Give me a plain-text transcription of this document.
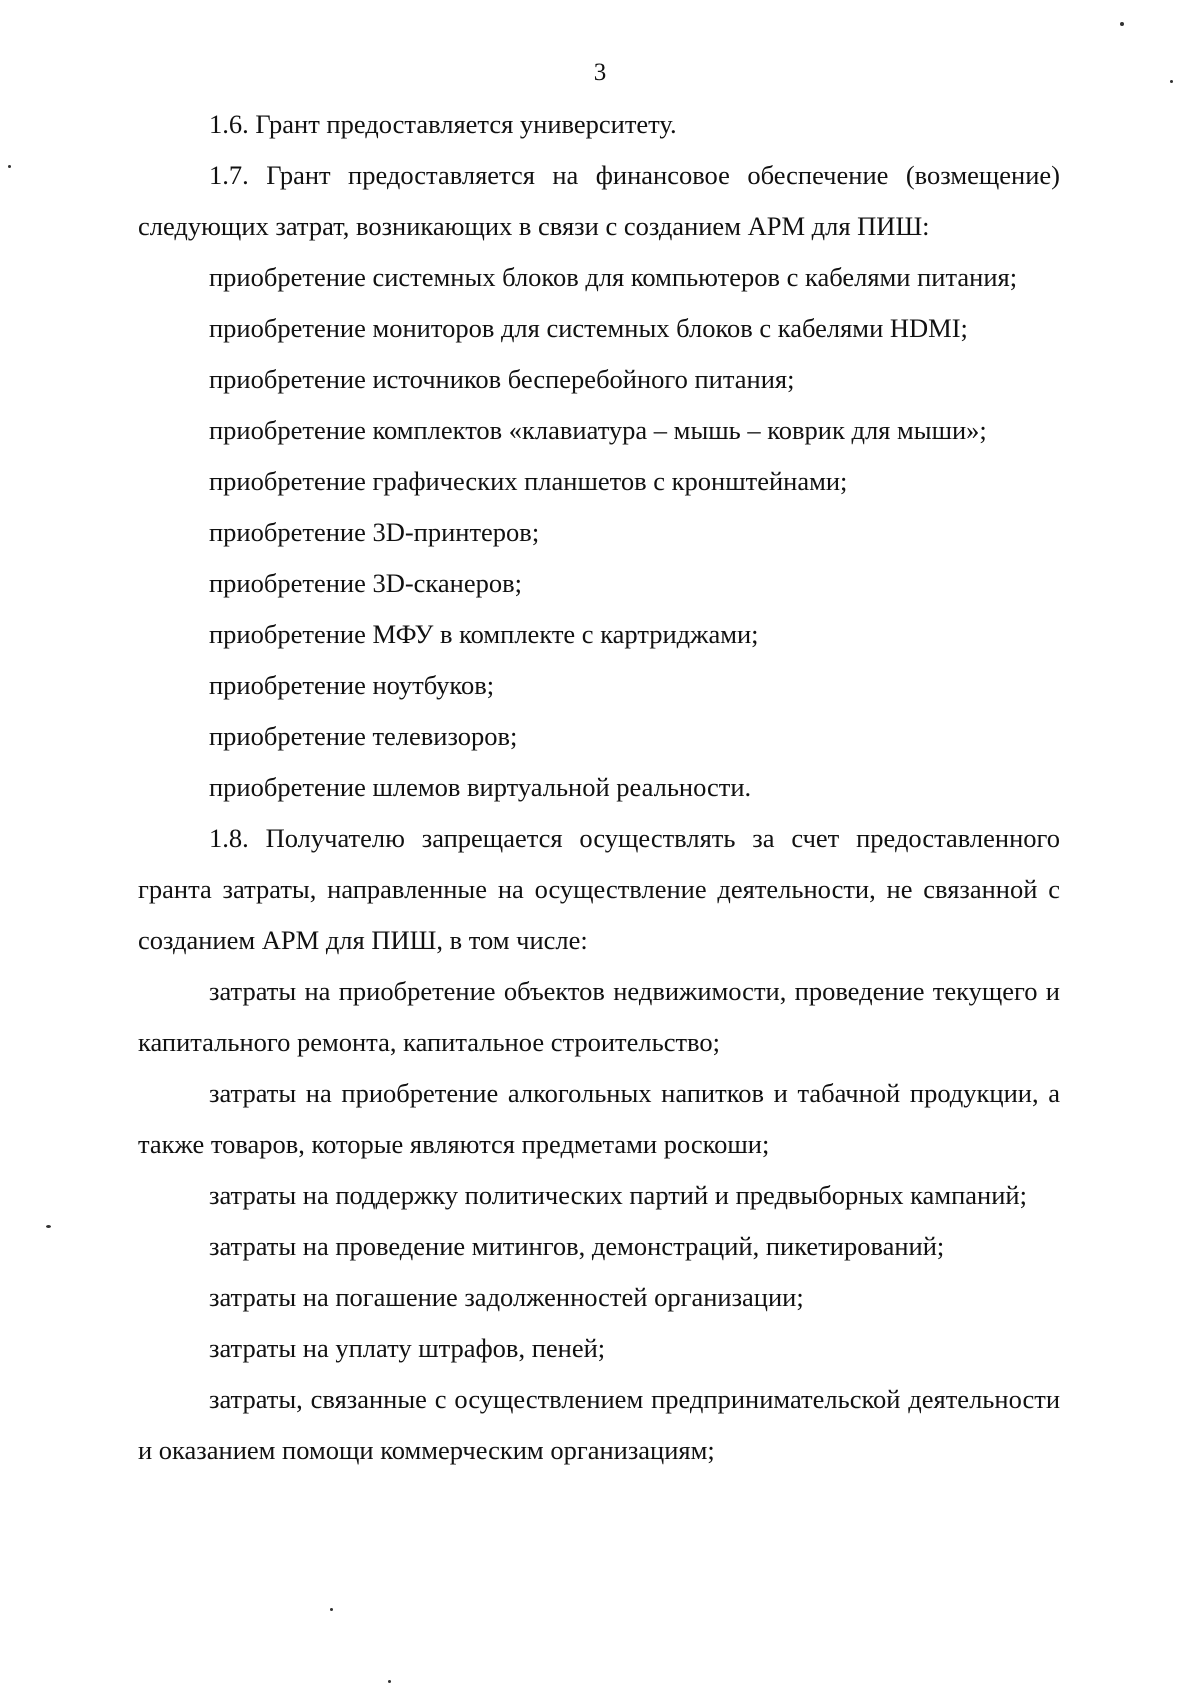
3

1.6. Грант предоставляется университету.

1.7. Грант предоставляется на финансовое обеспечение (возмещение) следующих затрат, возникающих в связи с созданием АРМ для ПИШ:

приобретение системных блоков для компьютеров с кабелями питания;

приобретение мониторов для системных блоков с кабелями HDMI;

приобретение источников бесперебойного питания;

приобретение комплектов «клавиатура – мышь – коврик для мыши»;

приобретение графических планшетов с кронштейнами;

приобретение 3D-принтеров;

приобретение 3D-сканеров;

приобретение МФУ в комплекте с картриджами;

приобретение ноутбуков;

приобретение телевизоров;

приобретение шлемов виртуальной реальности.

1.8. Получателю запрещается осуществлять за счет предоставленного гранта затраты, направленные на осуществление деятельности, не связанной с созданием АРМ для ПИШ, в том числе:

затраты на приобретение объектов недвижимости, проведение текущего и капитального ремонта, капитальное строительство;

затраты на приобретение алкогольных напитков и табачной продукции, а также товаров, которые являются предметами роскоши;

затраты на поддержку политических партий и предвыборных кампаний;

затраты на проведение митингов, демонстраций, пикетирований;

затраты на погашение задолженностей организации;

затраты на уплату штрафов, пеней;

затраты, связанные с осуществлением предпринимательской деятельности и оказанием помощи коммерческим организациям;
